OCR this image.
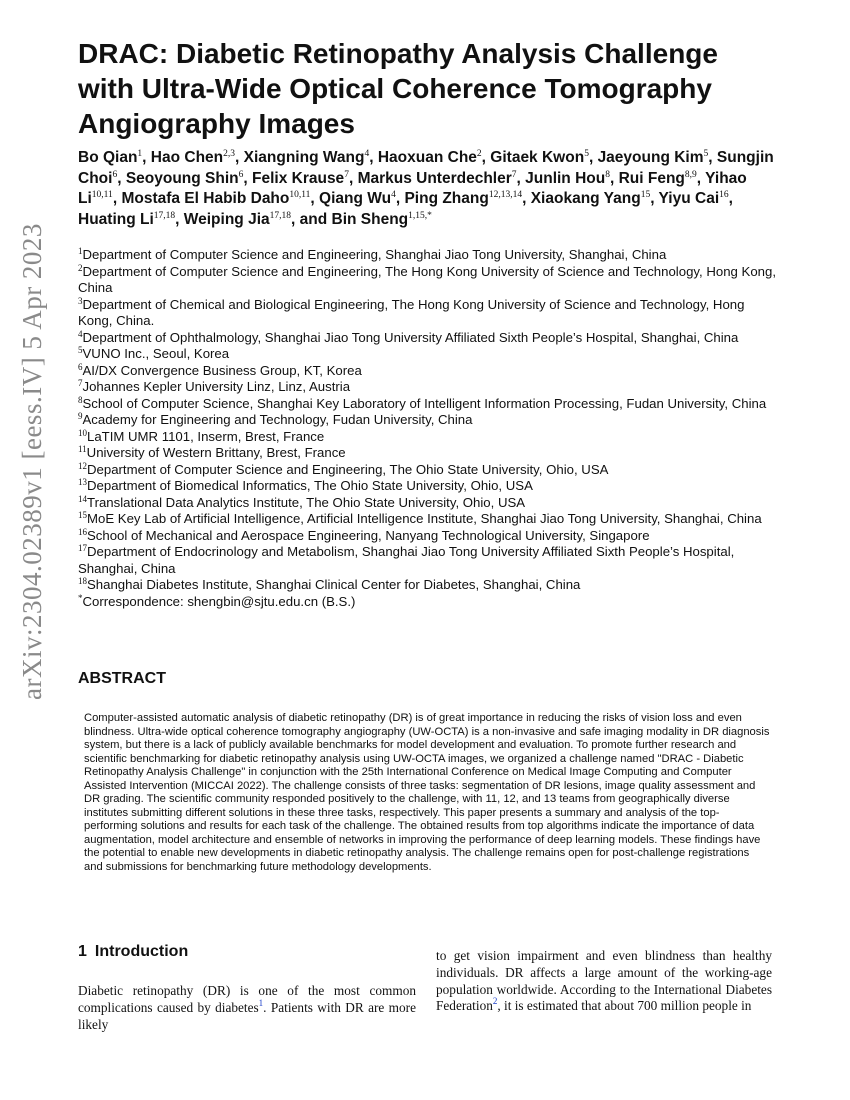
arXiv:2304.02389v1 [eess.IV] 5 Apr 2023
DRAC: Diabetic Retinopathy Analysis Challenge with Ultra-Wide Optical Coherence Tomography Angiography Images
Bo Qian$^1$, Hao Chen$^{2,3}$, Xiangning Wang$^4$, Haoxuan Che$^2$, Gitaek Kwon$^5$, Jaeyoung Kim$^5$, Sungjin Choi$^6$, Seoyoung Shin$^6$, Felix Krause$^7$, Markus Unterdechler$^7$, Junlin Hou$^8$, Rui Feng$^{8,9}$, Yihao Li$^{10,11}$, Mostafa El Habib Daho$^{10,11}$, Qiang Wu$^4$, Ping Zhang$^{12,13,14}$, Xiaokang Yang$^{15}$, Yiyu Cai$^{16}$, Huating Li$^{17,18}$, Weiping Jia$^{17,18}$, and Bin Sheng$^{1,15,*}$
$^1$Department of Computer Science and Engineering, Shanghai Jiao Tong University, Shanghai, China
$^2$Department of Computer Science and Engineering, The Hong Kong University of Science and Technology, Hong Kong, China
$^3$Department of Chemical and Biological Engineering, The Hong Kong University of Science and Technology, Hong Kong, China.
$^4$Department of Ophthalmology, Shanghai Jiao Tong University Affiliated Sixth People’s Hospital, Shanghai, China
$^5$VUNO Inc., Seoul, Korea
$^6$AI/DX Convergence Business Group, KT, Korea
$^7$Johannes Kepler University Linz, Linz, Austria
$^8$School of Computer Science, Shanghai Key Laboratory of Intelligent Information Processing, Fudan University, China
$^9$Academy for Engineering and Technology, Fudan University, China
$^{10}$LaTIM UMR 1101, Inserm, Brest, France
$^{11}$University of Western Brittany, Brest, France
$^{12}$Department of Computer Science and Engineering, The Ohio State University, Ohio, USA
$^{13}$Department of Biomedical Informatics, The Ohio State University, Ohio, USA
$^{14}$Translational Data Analytics Institute, The Ohio State University, Ohio, USA
$^{15}$MoE Key Lab of Artificial Intelligence, Artificial Intelligence Institute, Shanghai Jiao Tong University, Shanghai, China
$^{16}$School of Mechanical and Aerospace Engineering, Nanyang Technological University, Singapore
$^{17}$Department of Endocrinology and Metabolism, Shanghai Jiao Tong University Affiliated Sixth People’s Hospital, Shanghai, China
$^{18}$Shanghai Diabetes Institute, Shanghai Clinical Center for Diabetes, Shanghai, China
*Correspondence: shengbin@sjtu.edu.cn (B.S.)
ABSTRACT

Computer-assisted automatic analysis of diabetic retinopathy (DR) is of great importance in reducing the risks of vision loss and even blindness. Ultra-wide optical coherence tomography angiography (UW-OCTA) is a non-invasive and safe imaging modality in DR diagnosis system, but there is a lack of publicly available benchmarks for model development and evaluation. To promote further research and scientific benchmarking for diabetic retinopathy analysis using UW-OCTA images, we organized a challenge named "DRAC - Diabetic Retinopathy Analysis Challenge" in conjunction with the 25th International Conference on Medical Image Computing and Computer Assisted Intervention (MICCAI 2022). The challenge consists of three tasks: segmentation of DR lesions, image quality assessment and DR grading. The scientific community responded positively to the challenge, with 11, 12, and 13 teams from geographically diverse institutes submitting different solutions in these three tasks, respectively. This paper presents a summary and analysis of the top-performing solutions and results for each task of the challenge. The obtained results from top algorithms indicate the importance of data augmentation, model architecture and ensemble of networks in improving the performance of deep learning models. These findings have the potential to enable new developments in diabetic retinopathy analysis. The challenge remains open for post-challenge registrations and submissions for benchmarking future methodology developments.

1 Introduction

Diabetic retinopathy (DR) is one of the most common complications caused by diabetes$^1$. Patients with DR are more likely

to get vision impairment and even blindness than healthy individuals. DR affects a large amount of the working-age population worldwide. According to the International Diabetes Federation$^2$, it is estimated that about 700 million people in
